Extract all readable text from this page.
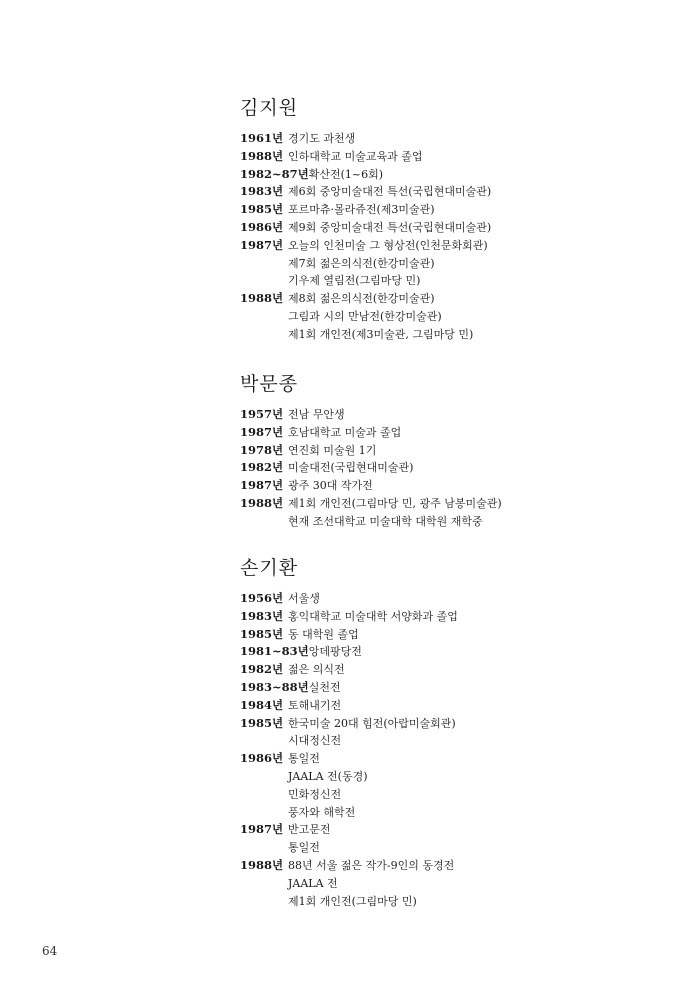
김지원
1961년 경기도 과천생
1988년 인하대학교 미술교육과 졸업
1982~87년 확산전(1~6회)
1983년 제6회 중앙미술대전 특선(국립현대미술관)
1985년 포르마츄·몰라쥬전(제3미술관)
1986년 제9회 중앙미술대전 특선(국립현대미술관)
1987년 오늘의 인천미술 그 형상전(인천문화회관)
제7회 젊은의식전(한강미술관)
기우제 열림전(그림마당 민)
1988년 제8회 젊은의식전(한강미술관)
그림과 시의 만남전(한강미술관)
제1회 개인전(제3미술관, 그림마당 민)
박문종
1957년 전남 무안생
1987년 호남대학교 미술과 졸업
1978년 연진회 미술원 1기
1982년 미술대전(국립현대미술관)
1987년 광주 30대 작가전
1988년 제1회 개인전(그림마당 민, 광주 남봉미술관)
현재 조선대학교 미술대학 대학원 재학중
손기환
1956년 서울생
1983년 홍익대학교 미술대학 서양화과 졸업
1985년 동 대학원 졸업
1981~83년 앙데팡당전
1982년 젊은 의식전
1983~88년 실천전
1984년 토해내기전
1985년 한국미술 20대 힘전(아랍미술회관)
시대정신전
1986년 통일전
JAALA 전(동경)
민화정신전
풍자와 해학전
1987년 반고문전
통일전
1988년 88년 서울 젊은 작가-9인의 동경전
JAALA 전
제1회 개인전(그림마당 민)
64
